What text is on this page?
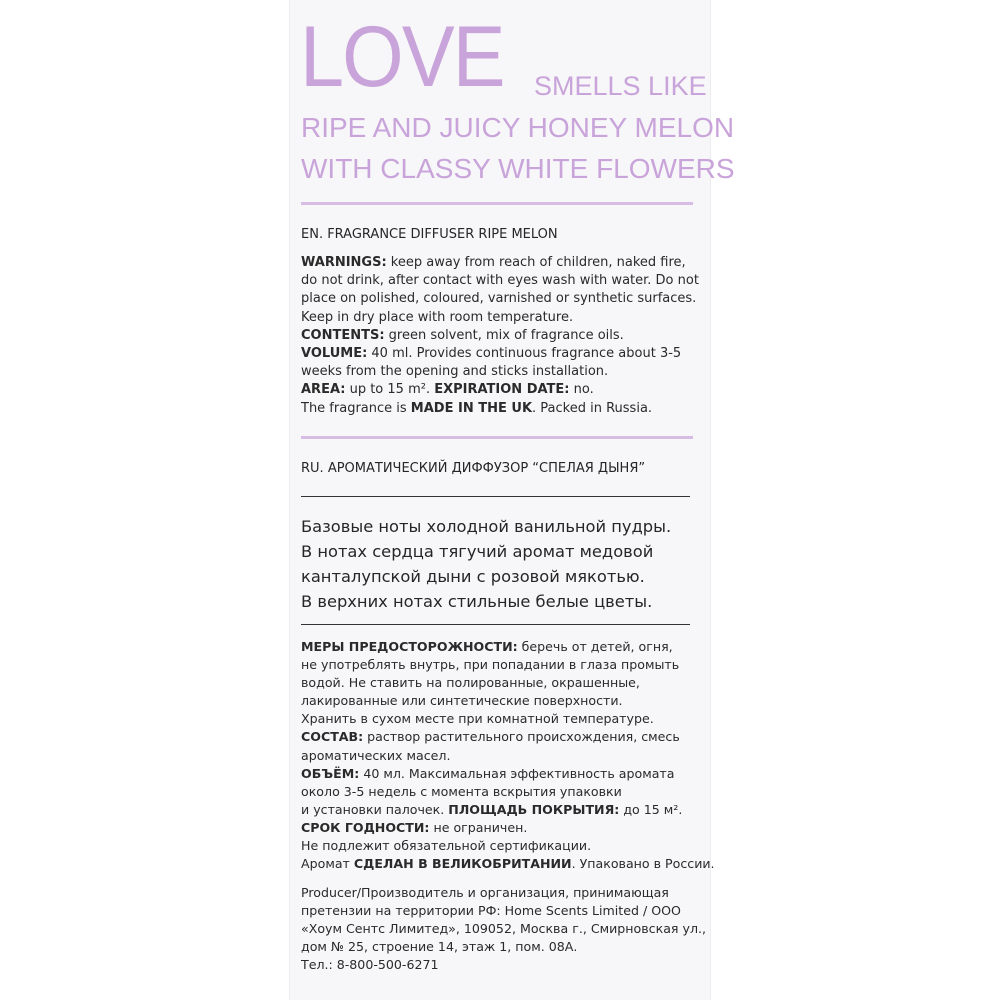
LOVE SMELLS LIKE
RIPE AND JUICY HONEY MELON
WITH CLASSY WHITE FLOWERS
EN. FRAGRANCE DIFFUSER RIPE MELON
WARNINGS: keep away from reach of children, naked fire,
do not drink, after contact with eyes wash with water. Do not
place on polished, coloured, varnished or synthetic surfaces.
Keep in dry place with room temperature.
CONTENTS: green solvent, mix of fragrance oils.
VOLUME: 40 ml. Provides continuous fragrance about 3-5
weeks from the opening and sticks installation.
AREA: up to 15 m². EXPIRATION DATE: no.
The fragrance is MADE IN THE UK. Packed in Russia.
RU. АРОМАТИЧЕСКИЙ ДИФФУЗОР “СПЕЛАЯ ДЫНЯ”
Базовые ноты холодной ванильной пудры.
В нотах сердца тягучий аромат медовой
канталупской дыни с розовой мякотью.
В верхних нотах стильные белые цветы.
МЕРЫ ПРЕДОСТОРОЖНОСТИ: беречь от детей, огня,
не употреблять внутрь, при попадании в глаза промыть
водой. Не ставить на полированные, окрашенные,
лакированные или синтетические поверхности.
Хранить в сухом месте при комнатной температуре.
СОСТАВ: раствор растительного происхождения, смесь
ароматических масел.
ОБЪЁМ: 40 мл. Максимальная эффективность аромата
около 3-5 недель с момента вскрытия упаковки
и установки палочек. ПЛОЩАДЬ ПОКРЫТИЯ: до 15 м².
СРОК ГОДНОСТИ: не ограничен.
Не подлежит обязательной сертификации.
Аромат СДЕЛАН В ВЕЛИКОБРИТАНИИ. Упаковано в России.
Producer/Производитель и организация, принимающая
претензии на территории РФ: Home Scents Limited / ООО
«Хоум Сентс Лимитед», 109052, Москва г., Смирновская ул.,
дом № 25, строение 14, этаж 1, пом. 08А.
Тел.: 8-800-500-6271
